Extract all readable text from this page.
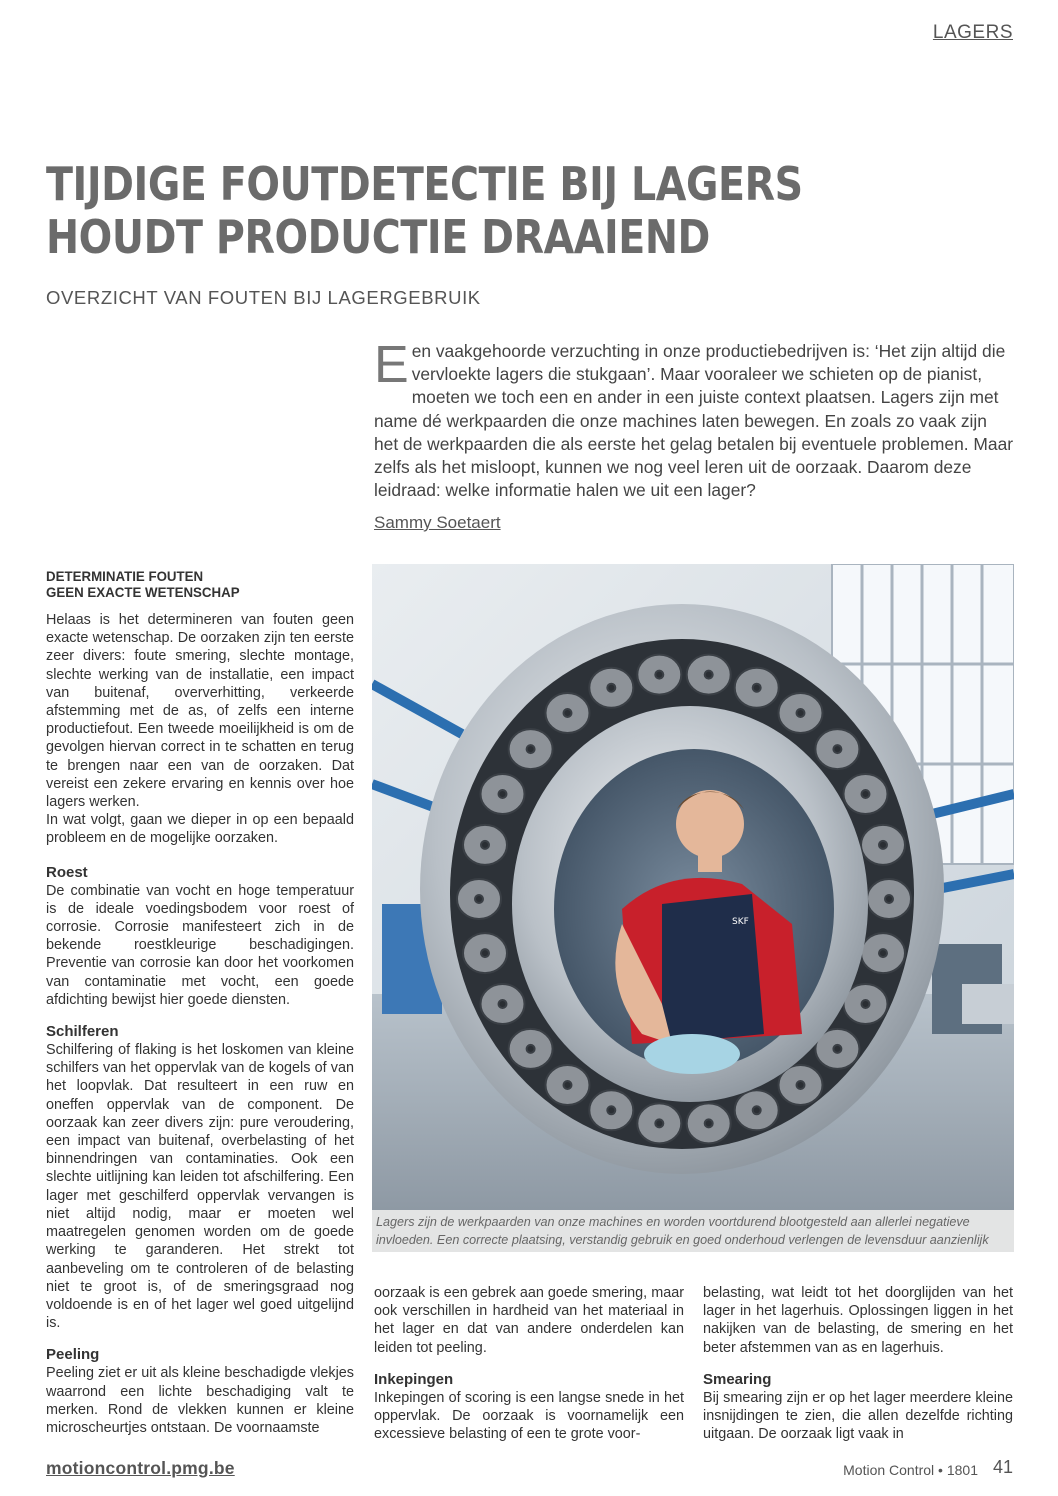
LAGERS
TIJDIGE FOUTDETECTIE BIJ LAGERS
HOUDT PRODUCTIE DRAAIEND
OVERZICHT VAN FOUTEN BIJ LAGERGEBRUIK
Een vaakgehoorde verzuchting in onze productiebedrijven is: ‘Het zijn altijd die vervloekte lagers die stukgaan’. Maar vooraleer we schieten op de pianist, moeten we toch een en ander in een juiste context plaatsen. Lagers zijn met name dé werkpaarden die onze machines laten bewegen. En zoals zo vaak zijn het de werkpaarden die als eerste het gelag betalen bij eventuele problemen. Maar zelfs als het misloopt, kunnen we nog veel leren uit de oorzaak. Daarom deze leidraad: welke informatie halen we uit een lager?
Sammy Soetaert
DETERMINATIE FOUTEN
GEEN EXACTE WETENSCHAP

Helaas is het determineren van fouten geen exacte wetenschap. De oorzaken zijn ten eerste zeer divers: foute smering, slechte montage, slechte werking van de installatie, een impact van buitenaf, oververhitting, verkeerde afstemming met de as, of zelfs een interne productiefout. Een tweede moeilijkheid is om de gevolgen hiervan correct in te schatten en terug te brengen naar een van de oorzaken. Dat vereist een zekere ervaring en kennis over hoe lagers werken.

In wat volgt, gaan we dieper in op een bepaald probleem en de mogelijke oorzaken.

Roest

De combinatie van vocht en hoge temperatuur is de ideale voedingsbodem voor roest of corrosie. Corrosie manifesteert zich in de bekende roestkleurige beschadigingen. Preventie van corrosie kan door het voorkomen van contaminatie met vocht, een goede afdichting bewijst hier goede diensten.

Schilferen

Schilfering of flaking is het loskomen van kleine schilfers van het oppervlak van de kogels of van het loopvlak. Dat resulteert in een ruw en oneffen oppervlak van de component. De oorzaak kan zeer divers zijn: pure veroudering, een impact van buitenaf, overbelasting of het binnendringen van contaminaties. Ook een slechte uitlijning kan leiden tot afschilfering. Een lager met geschilferd oppervlak vervangen is niet altijd nodig, maar er moeten wel maatregelen genomen worden om de goede werking te garanderen. Het strekt tot aanbeveling om te controleren of de belasting niet te groot is, of de smeringsgraad nog voldoende is en of het lager wel goed uitgelijnd is.

Peeling

Peeling ziet er uit als kleine beschadigde vlekjes waarrond een lichte beschadiging valt te merken. Rond de vlekken kunnen er kleine microscheurtjes ontstaan. De voornaamste

SKF
Lagers zijn de werkpaarden van onze machines en worden voortdurend blootgesteld aan allerlei negatieve invloeden. Een correcte plaatsing, verstandig gebruik en goed onderhoud verlengen de levensduur aanzienlijk

oorzaak is een gebrek aan goede smering, maar ook verschillen in hardheid van het materiaal in het lager en dat van andere onderdelen kan leiden tot peeling.

Inkepingen

Inkepingen of scoring is een langse snede in het oppervlak. De oorzaak is voornamelijk een excessieve belasting of een te grote voor-

belasting, wat leidt tot het doorglijden van het lager in het lagerhuis. Oplossingen liggen in het nakijken van de belasting, de smering en het beter afstemmen van as en lagerhuis.

Smearing

Bij smearing zijn er op het lager meerdere kleine insnijdingen te zien, die allen dezelfde richting uitgaan. De oorzaak ligt vaak in

motioncontrol.pmg.be	Motion Control • 1801 41
